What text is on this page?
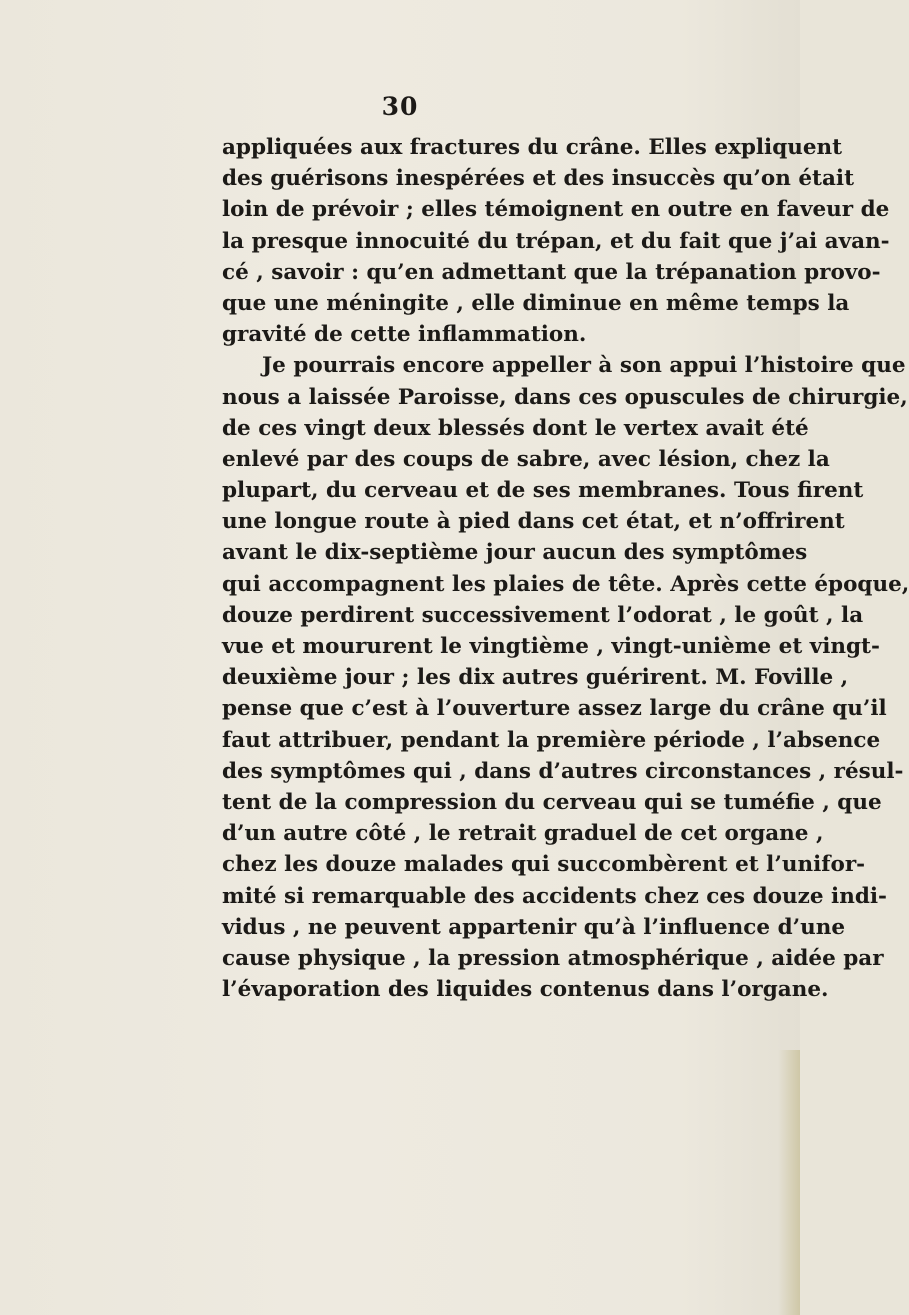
30
appliquées aux fractures du crâne. Elles expliquent
des guérisons inespérées et des insuccès qu’on était
loin de prévoir ; elles témoignent en outre en faveur de
la presque innocuité du trépan, et du fait que j’ai avan-
cé , savoir : qu’en admettant que la trépanation provo-
que une méningite , elle diminue en même temps la
gravité de cette inflammation.
Je pourrais encore appeller à son appui l’histoire que
nous a laissée Paroisse, dans ces opuscules de chirurgie,
de ces vingt deux blessés dont le vertex avait été
enlevé par des coups de sabre, avec lésion, chez la
plupart, du cerveau et de ses membranes. Tous firent
une longue route à pied dans cet état, et n’offrirent
avant le dix-septième jour aucun des symptômes
qui accompagnent les plaies de tête. Après cette époque,
douze perdirent successivement l’odorat , le goût , la
vue et moururent le vingtième , vingt-unième et vingt-
deuxième jour ; les dix autres guérirent. M. Foville ,
pense que c’est à l’ouverture assez large du crâne qu’il
faut attribuer, pendant la première période , l’absence
des symptômes qui , dans d’autres circonstances , résul-
tent de la compression du cerveau qui se tuméfie , que
d’un autre côté , le retrait graduel de cet organe ,
chez les douze malades qui succombèrent et l’unifor-
mité si remarquable des accidents chez ces douze indi-
vidus , ne peuvent appartenir qu’à l’influence d’une
cause physique , la pression atmosphérique , aidée par
l’évaporation des liquides contenus dans l’organe.
